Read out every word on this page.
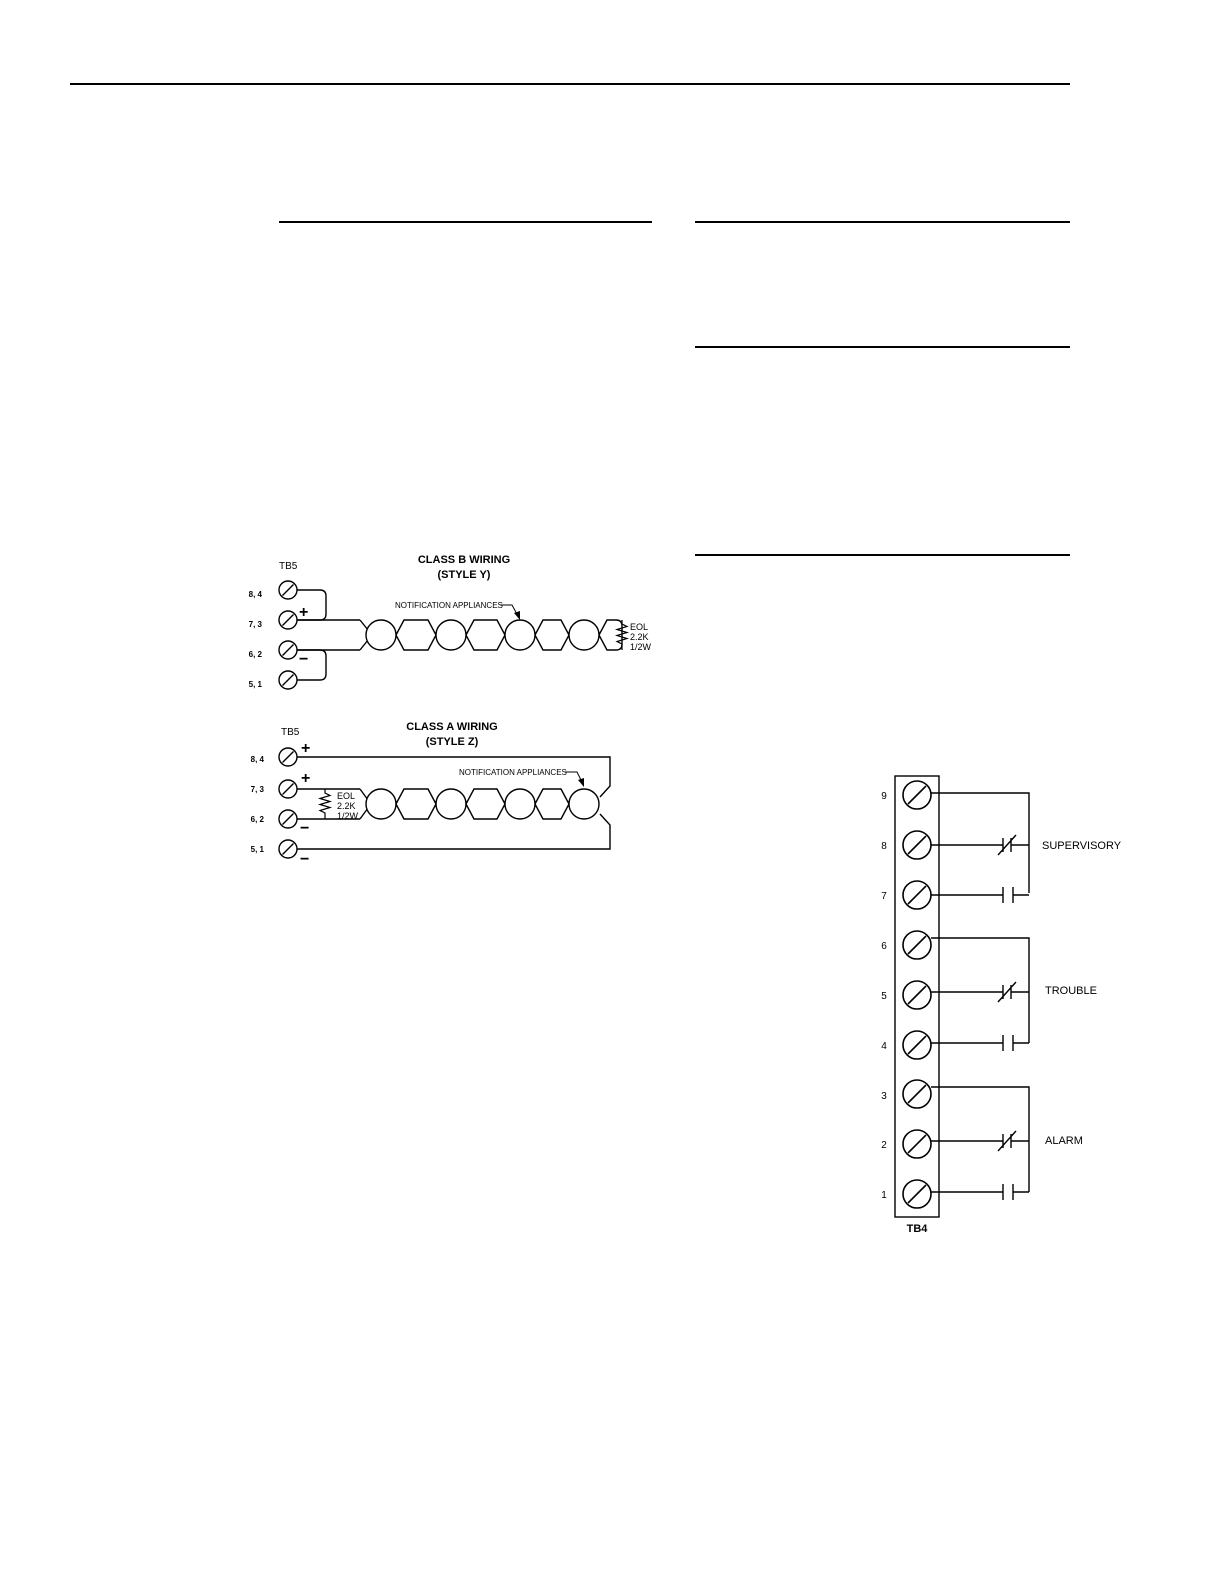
TB5
CLASS B WIRING
(STYLE Y)
8, 4
7, 3
6, 2
5, 1
EOL
2.2K
1/2W
NOTIFICATION APPLIANCES
+
−
TB5	CLASS A WIRING
(STYLE Z)
8, 4
7, 3
6, 2
5, 1
EOL
2.2K
1/2W
NOTIFICATION APPLIANCES
+
+
−
−
TB4
9
8
7
6
5
4
3
2
1
SUPERVISORY
TROUBLE
ALARM
